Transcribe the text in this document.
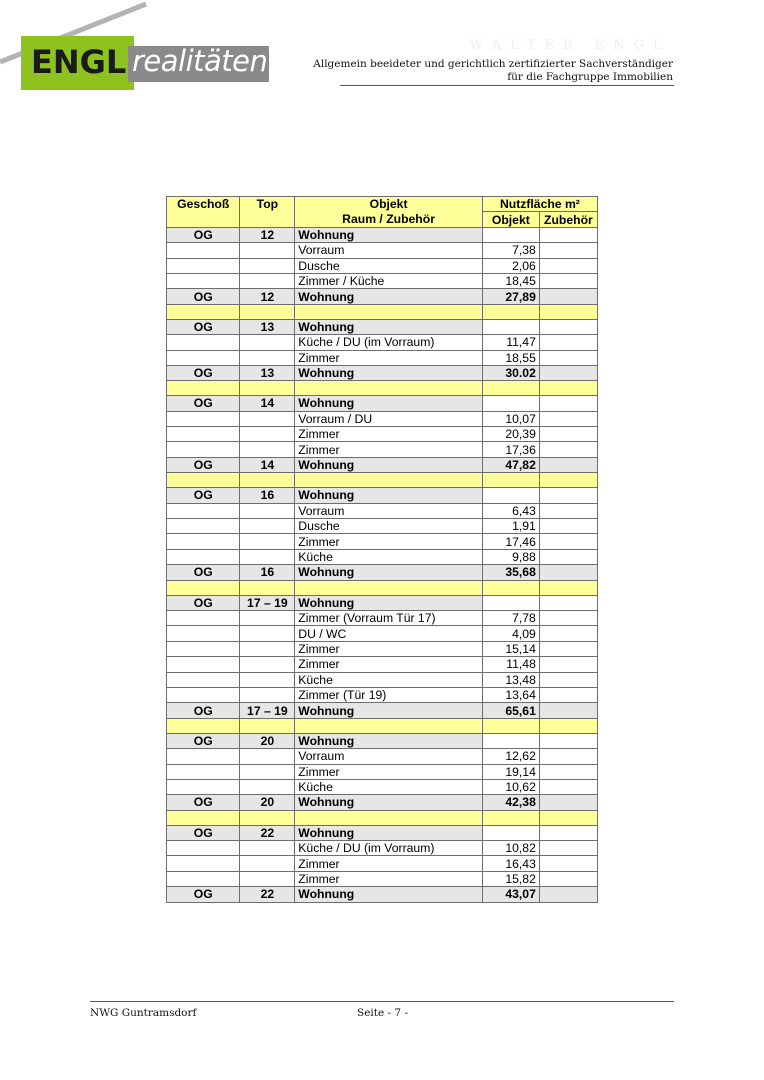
ENGL realitäten	WALTER ENGL
Allgemein beeideter und gerichtlich zertifizierter Sachverständiger
für die Fachgruppe Immobilien
Geschoß	Top	Objekt	Nutzfläche m²	
		Raum / Zubehör	Objekt	Zubehör
OG	12	Wohnung		
		Vorraum	7,38	
		Dusche	2,06	
		Zimmer / Küche	18,45	
OG	12	Wohnung	27,89	

OG	13	Wohnung		
		Küche / DU (im Vorraum)	11,47	
		Zimmer	18,55	
OG	13	Wohnung	30.02	

OG	14	Wohnung		
		Vorraum / DU	10,07	
		Zimmer	20,39	
		Zimmer	17,36	
OG	14	Wohnung	47,82	

OG	16	Wohnung		
		Vorraum	6,43	
		Dusche	1,91	
		Zimmer	17,46	
		Küche	9,88	
OG	16	Wohnung	35,68	

OG	17 – 19	Wohnung		
		Zimmer (Vorraum Tür 17)	7,78	
		DU / WC	4,09	
		Zimmer	15,14	
		Zimmer	11,48	
		Küche	13,48	
		Zimmer (Tür 19)	13,64	
OG	17 – 19	Wohnung	65,61	

OG	20	Wohnung		
		Vorraum	12,62	
		Zimmer	19,14	
		Küche	10,62	
OG	20	Wohnung	42,38	

OG	22	Wohnung		
		Küche / DU (im Vorraum)	10,82	
		Zimmer	16,43	
		Zimmer	15,82	
OG	22	Wohnung	43,07	
NWG Guntramsdorf	Seite - 7 -
